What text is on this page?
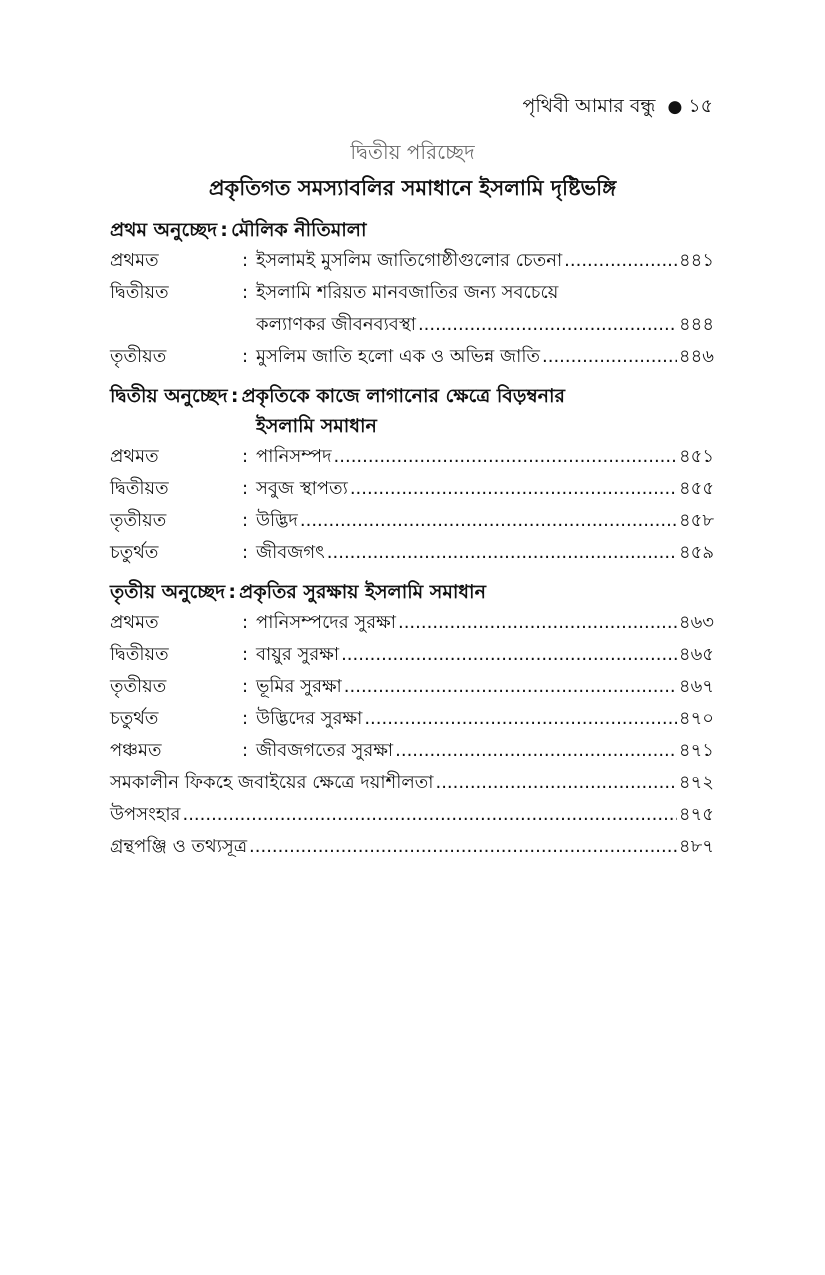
পৃথিবী আমার বন্ধু ● ১৫
দ্বিতীয় পরিচ্ছেদ
প্রকৃতিগত সমস্যাবলির সমাধানে ইসলামি দৃষ্টিভঙ্গি
প্রথম অনুচ্ছেদ : মৌলিক নীতিমালা
প্রথমত	: ইসলামই মুসলিম জাতিগোষ্ঠীগুলোর চেতনা .....	৪৪১
দ্বিতীয়ত	: ইসলামি শরিয়ত মানবজাতির জন্য সবচেয়ে
কল্যাণকর জীবনব্যবস্থা .....	৪৪৪
তৃতীয়ত	: মুসলিম জাতি হলো এক ও অভিন্ন জাতি .....	৪৪৬
দ্বিতীয় অনুচ্ছেদ : প্রকৃতিকে কাজে লাগানোর ক্ষেত্রে বিড়ম্বনার
ইসলামি সমাধান
প্রথমত	: পানিসম্পদ .....	৪৫১
দ্বিতীয়ত	: সবুজ স্থাপত্য .....	৪৫৫
তৃতীয়ত	: উদ্ভিদ .....	৪৫৮
চতুর্থত	: জীবজগৎ .....	৪৫৯
তৃতীয় অনুচ্ছেদ : প্রকৃতির সুরক্ষায় ইসলামি সমাধান
প্রথমত	: পানিসম্পদের সুরক্ষা .....	৪৬৩
দ্বিতীয়ত	: বায়ুর সুরক্ষা .....	৪৬৫
তৃতীয়ত	: ভূমির সুরক্ষা .....	৪৬৭
চতুর্থত	: উদ্ভিদের সুরক্ষা .....	৪৭০
পঞ্চমত	: জীবজগতের সুরক্ষা .....	৪৭১
সমকালীন ফিকহে জবাইয়ের ক্ষেত্রে দয়াশীলতা .....	৪৭২
উপসংহার .....	৪৭৫
গ্রন্থপঞ্জি ও তথ্যসূত্র .....	৪৮৭
